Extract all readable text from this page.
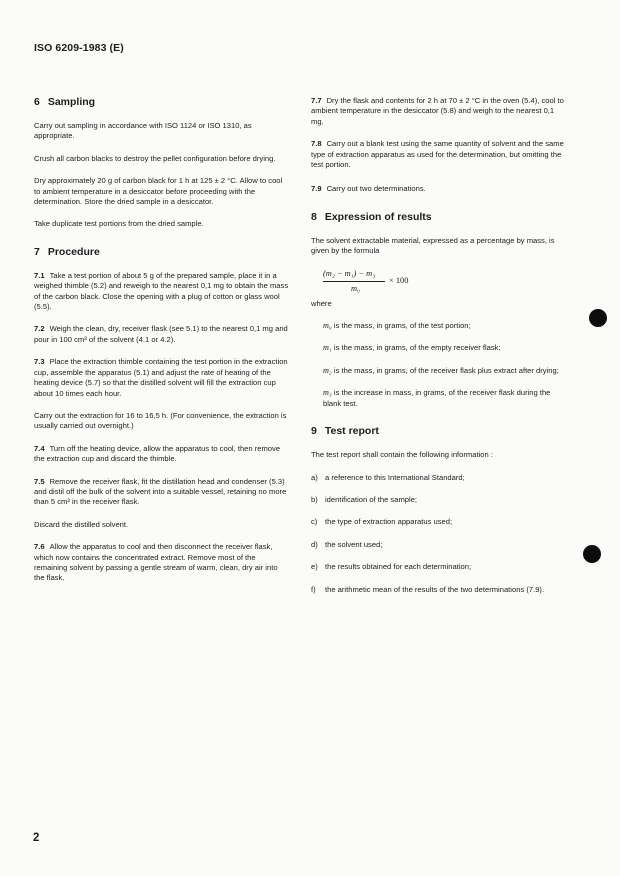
ISO 6209-1983 (E)
6 Sampling

Carry out sampling in accordance with ISO 1124 or ISO 1310, as appropriate.

Crush all carbon blacks to destroy the pellet configuration before drying.

Dry approximately 20 g of carbon black for 1 h at 125 ± 2 °C. Allow to cool to ambient temperature in a desiccator before proceeding with the determination. Store the dried sample in a desiccator.

Take duplicate test portions from the dried sample.

7 Procedure

7.1 Take a test portion of about 5 g of the prepared sample, place it in a weighed thimble (5.2) and reweigh to the nearest 0,1 mg to obtain the mass of the carbon black. Close the opening with a plug of cotton or glass wool (5.5).

7.2 Weigh the clean, dry, receiver flask (see 5.1) to the nearest 0,1 mg and pour in 100 cm³ of the solvent (4.1 or 4.2).

7.3 Place the extraction thimble containing the test portion in the extraction cup, assemble the apparatus (5.1) and adjust the rate of heating of the heating device (5.7) so that the distilled solvent will fill the extraction cup about 10 times each hour.

Carry out the extraction for 16 to 16,5 h. (For convenience, the extraction is usually carried out overnight.)

7.4 Turn off the heating device, allow the apparatus to cool, then remove the extraction cup and discard the thimble.

7.5 Remove the receiver flask, fit the distillation head and condenser (5.3) and distil off the bulk of the solvent into a suitable vessel, retaining no more than 5 cm³ in the receiver flask.

Discard the distilled solvent.

7.6 Allow the apparatus to cool and then disconnect the receiver flask, which now contains the concentrated extract. Remove most of the remaining solvent by passing a gentle stream of warm, clean, dry air into the flask.

7.7 Dry the flask and contents for 2 h at 70 ± 2 °C in the oven (5.4), cool to ambient temperature in the desiccator (5.8) and weigh to the nearest 0,1 mg.

7.8 Carry out a blank test using the same quantity of solvent and the same type of extraction apparatus as used for the determination, but omitting the test portion.

7.9 Carry out two determinations.

8 Expression of results

The solvent extractable material, expressed as a percentage by mass, is given by the formula

(m₂ − m₁) − m₃
× 100
m₀

where

m₀ is the mass, in grams, of the test portion;

m₁ is the mass, in grams, of the empty receiver flask;

m₂ is the mass, in grams, of the receiver flask plus extract after drying;

m₃ is the increase in mass, in grams, of the receiver flask during the blank test.

9 Test report

The test report shall contain the following information :

a) a reference to this International Standard;

b) identification of the sample;

c) the type of extraction apparatus used;

d) the solvent used;

e) the results obtained for each determination;

f) the arithmetic mean of the results of the two determinations (7.9).

2
